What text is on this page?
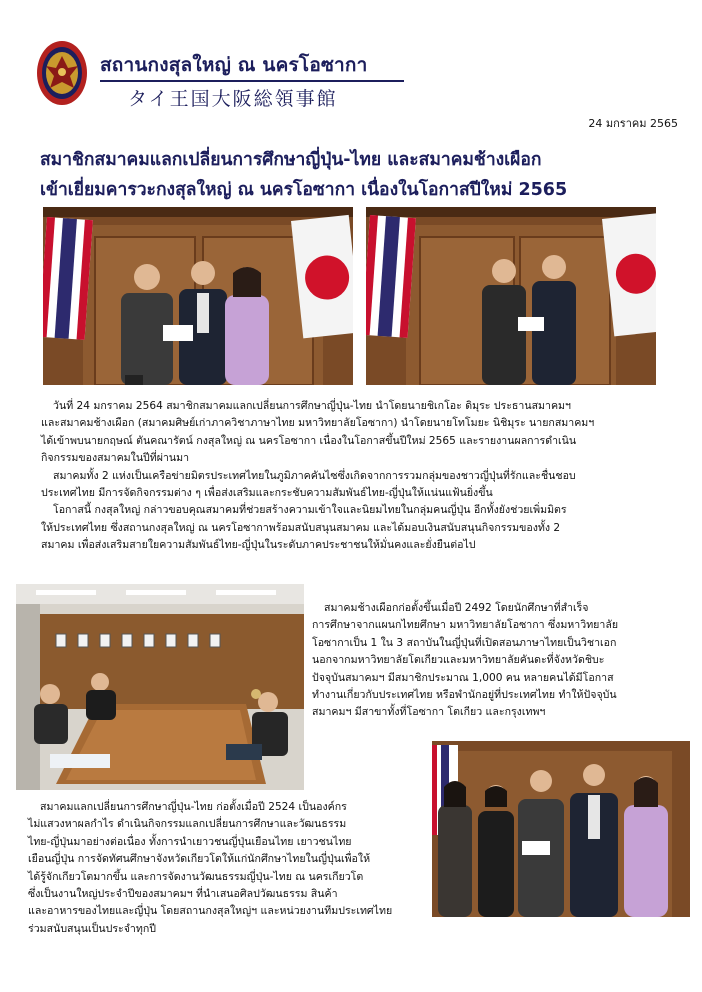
สถานกงสุลใหญ่ ณ นครโอซากา
タイ王国大阪総領事館
24 มกราคม 2565
สมาชิกสมาคมแลกเปลี่ยนการศึกษาญี่ปุ่น-ไทย และสมาคมช้างเผือก
เข้าเยี่ยมคารวะกงสุลใหญ่ ณ นครโอซากา เนื่องในโอกาสปีใหม่ 2565
วันที่ 24 มกราคม 2564 สมาชิกสมาคมแลกเปลี่ยนการศึกษาญี่ปุ่น-ไทย นำโดยนายชิเกโอะ ดิมุระ ประธานสมาคมฯ
และสมาคมช้างเผือก (สมาคมศิษย์เก่าภาควิชาภาษาไทย มหาวิทยาลัยโอซากา) นำโดยนายโทโมยะ นิชิมุระ นายกสมาคมฯ
ได้เข้าพบนายกฤษณ์ ตันคณารัตน์ กงสุลใหญ่ ณ นครโอซากา เนื่องในโอกาสขึ้นปีใหม่ 2565 และรายงานผลการดำเนิน
กิจกรรมของสมาคมในปีที่ผ่านมา
สมาคมทั้ง 2 แห่งเป็นเครือข่ายมิตรประเทศไทยในภูมิภาคคันไซซึ่งเกิดจากการรวมกลุ่มของชาวญี่ปุ่นที่รักและชื่นชอบ
ประเทศไทย มีการจัดกิจกรรมต่าง ๆ เพื่อส่งเสริมและกระชับความสัมพันธ์ไทย-ญี่ปุ่นให้แน่นแฟ้นยิ่งขึ้น
โอกาสนี้ กงสุลใหญ่ กล่าวขอบคุณสมาคมที่ช่วยสร้างความเข้าใจและนิยมไทยในกลุ่มคนญี่ปุ่น อีกทั้งยังช่วยเพิ่มมิตร
ให้ประเทศไทย ซึ่งสถานกงสุลใหญ่ ณ นครโอซากาพร้อมสนับสนุนสมาคม และได้มอบเงินสนับสนุนกิจกรรมของทั้ง 2
สมาคม เพื่อส่งเสริมสายใยความสัมพันธ์ไทย-ญี่ปุ่นในระดับภาคประชาชนให้มั่นคงและยั่งยืนต่อไป
สมาคมช้างเผือกก่อตั้งขึ้นเมื่อปี 2492 โดยนักศึกษาที่สำเร็จ
การศึกษาจากแผนกไทยศึกษา มหาวิทยาลัยโอซากา ซึ่งมหาวิทยาลัย
โอซากาเป็น 1 ใน 3 สถาบันในญี่ปุ่นที่เปิดสอนภาษาไทยเป็นวิชาเอก
นอกจากมหาวิทยาลัยโตเกียวและมหาวิทยาลัยคันดะที่จังหวัดชิบะ
ปัจจุบันสมาคมฯ มีสมาชิกประมาณ 1,000 คน หลายคนได้มีโอกาส
ทำงานเกี่ยวกับประเทศไทย หรือพำนักอยู่ที่ประเทศไทย ทำให้ปัจจุบัน
สมาคมฯ มีสาขาทั้งที่โอซากา โตเกียว และกรุงเทพฯ
สมาคมแลกเปลี่ยนการศึกษาญี่ปุ่น-ไทย ก่อตั้งเมื่อปี 2524 เป็นองค์กร
ไม่แสวงหาผลกำไร ดำเนินกิจกรรมแลกเปลี่ยนการศึกษาและวัฒนธรรม
ไทย-ญี่ปุ่นมาอย่างต่อเนื่อง ทั้งการนำเยาวชนญี่ปุ่นเยือนไทย เยาวชนไทย
เยือนญี่ปุ่น การจัดทัศนศึกษาจังหวัดเกียวโตให้แก่นักศึกษาไทยในญี่ปุ่นเพื่อให้
ได้รู้จักเกียวโตมากขึ้น และการจัดงานวัฒนธรรมญี่ปุ่น-ไทย ณ นครเกียวโต
ซึ่งเป็นงานใหญ่ประจำปีของสมาคมฯ ที่นำเสนอศิลปวัฒนธรรม สินค้า
และอาหารของไทยและญี่ปุ่น โดยสถานกงสุลใหญ่ฯ และหน่วยงานทีมประเทศไทย
ร่วมสนับสนุนเป็นประจำทุกปี
